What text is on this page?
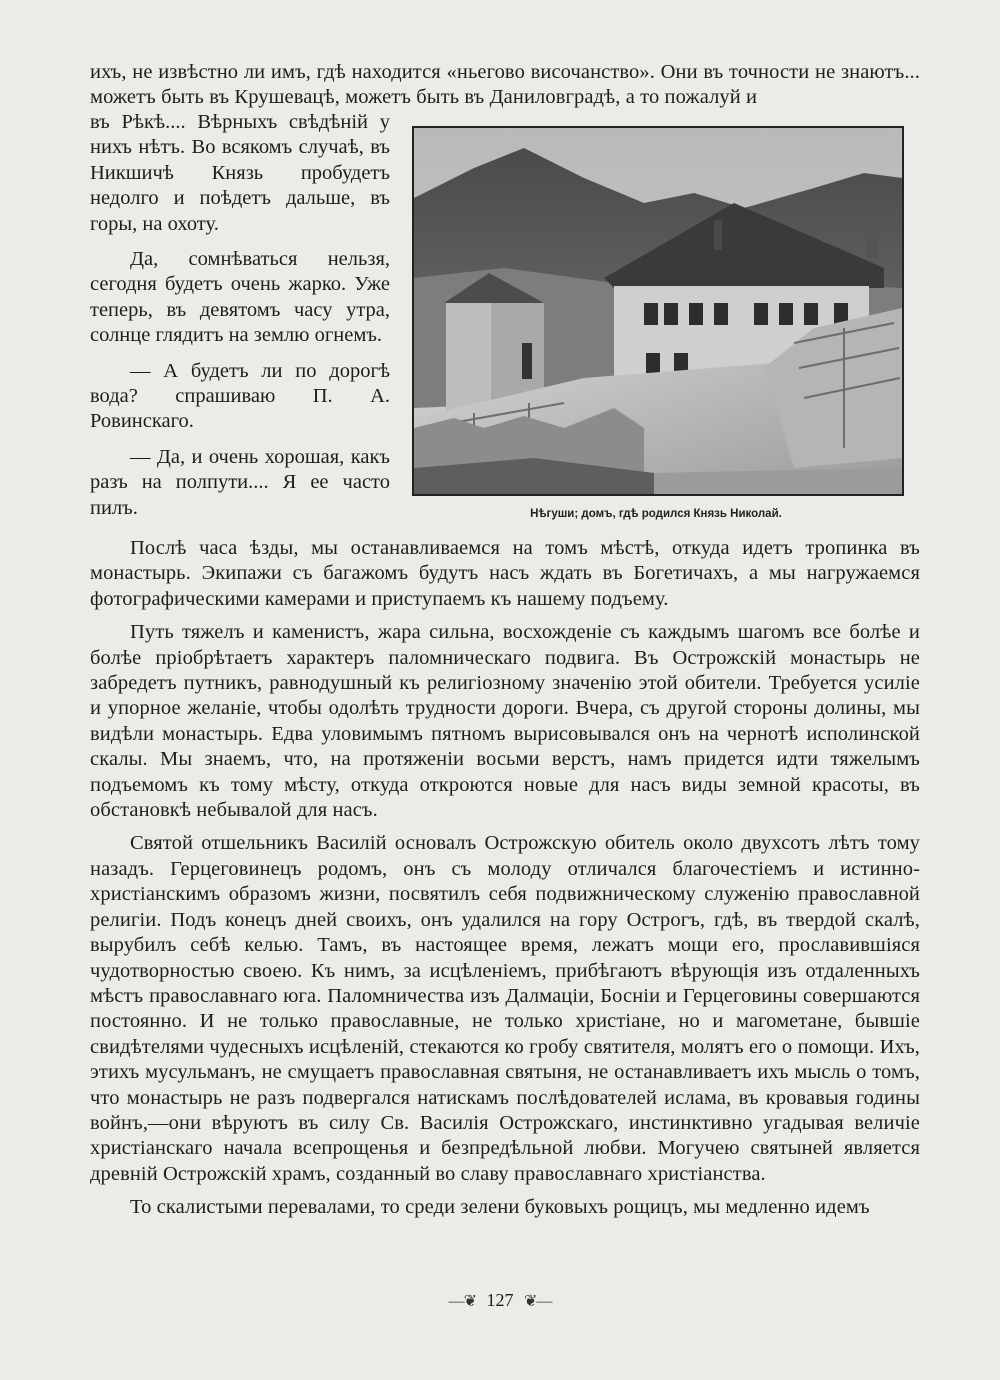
ихъ, не извѣстно ли имъ, гдѣ находится «ньегово височанство». Они въ точности не знаютъ... можетъ быть въ Крушевацѣ, можетъ быть въ Даниловградѣ, а то пожалуй и

въ Рѣкѣ.... Вѣрныхъ свѣдѣній у нихъ нѣтъ. Во всякомъ случаѣ, въ Никшичѣ Князь пробудетъ недолго и поѣдетъ дальше, въ горы, на охоту.

Да, сомнѣваться нельзя, сегодня будетъ очень жарко. Уже теперь, въ девятомъ часу утра, солнце глядитъ на землю огнемъ.

— А будетъ ли по дорогѣ вода? спрашиваю П. А. Ровинскаго.

— Да, и очень хорошая, какъ разъ на полпути.... Я ее часто пилъ.	Нѣгуши; домъ, гдѣ родился Князь Николай.

Послѣ часа ѣзды, мы останавливаемся на томъ мѣстѣ, откуда идетъ тропинка въ монастырь. Экипажи съ багажомъ будутъ насъ ждать въ Богетичахъ, а мы нагружаемся фотографическими камерами и приступаемъ къ нашему подъему.

Путь тяжелъ и каменистъ, жара сильна, восхожденіе съ каждымъ шагомъ все болѣе и болѣе пріобрѣтаетъ характеръ паломническаго подвига. Въ Острожскій монастырь не забредетъ путникъ, равнодушный къ религіозному значенію этой обители. Требуется усиліе и упорное желаніе, чтобы одолѣть трудности дороги. Вчера, съ другой стороны долины, мы видѣли монастырь. Едва уловимымъ пятномъ вырисовывался онъ на чернотѣ исполинской скалы. Мы знаемъ, что, на протяженіи восьми верстъ, намъ придется идти тяжелымъ подъемомъ къ тому мѣсту, откуда откроются новые для насъ виды земной красоты, въ обстановкѣ небывалой для насъ.

Святой отшельникъ Василій основалъ Острожскую обитель около двухсотъ лѣтъ тому назадъ. Герцеговинецъ родомъ, онъ съ молоду отличался благочестіемъ и истинно-христіанскимъ образомъ жизни, посвятилъ себя подвижническому служенію православной религіи. Подъ конецъ дней своихъ, онъ удалился на гору Острогъ, гдѣ, въ твердой скалѣ, вырубилъ себѣ келью. Тамъ, въ настоящее время, лежатъ мощи его, прославившіяся чудотворностью своею. Къ нимъ, за исцѣленіемъ, прибѣгаютъ вѣрующія изъ отдаленныхъ мѣстъ православнаго юга. Паломничества изъ Далмаціи, Босніи и Герцеговины совершаются постоянно. И не только православные, не только христіане, но и магометане, бывшіе свидѣтелями чудесныхъ исцѣленій, стекаются ко гробу святителя, молятъ его о помощи. Ихъ, этихъ мусульманъ, не смущаетъ православная святыня, не останавливаетъ ихъ мысль о томъ, что монастырь не разъ подвергался натискамъ послѣдователей ислама, въ кровавыя годины войнъ,—они вѣруютъ въ силу Св. Василія Острожскаго, инстинктивно угадывая величіе христіанскаго начала всепрощенья и безпредѣльной любви. Могучею святыней является древній Острожскій храмъ, созданный во славу православнаго христіанства.

То скалистыми перевалами, то среди зелени буковыхъ рощицъ, мы медленно идемъ

—❦ 127 ❦—
